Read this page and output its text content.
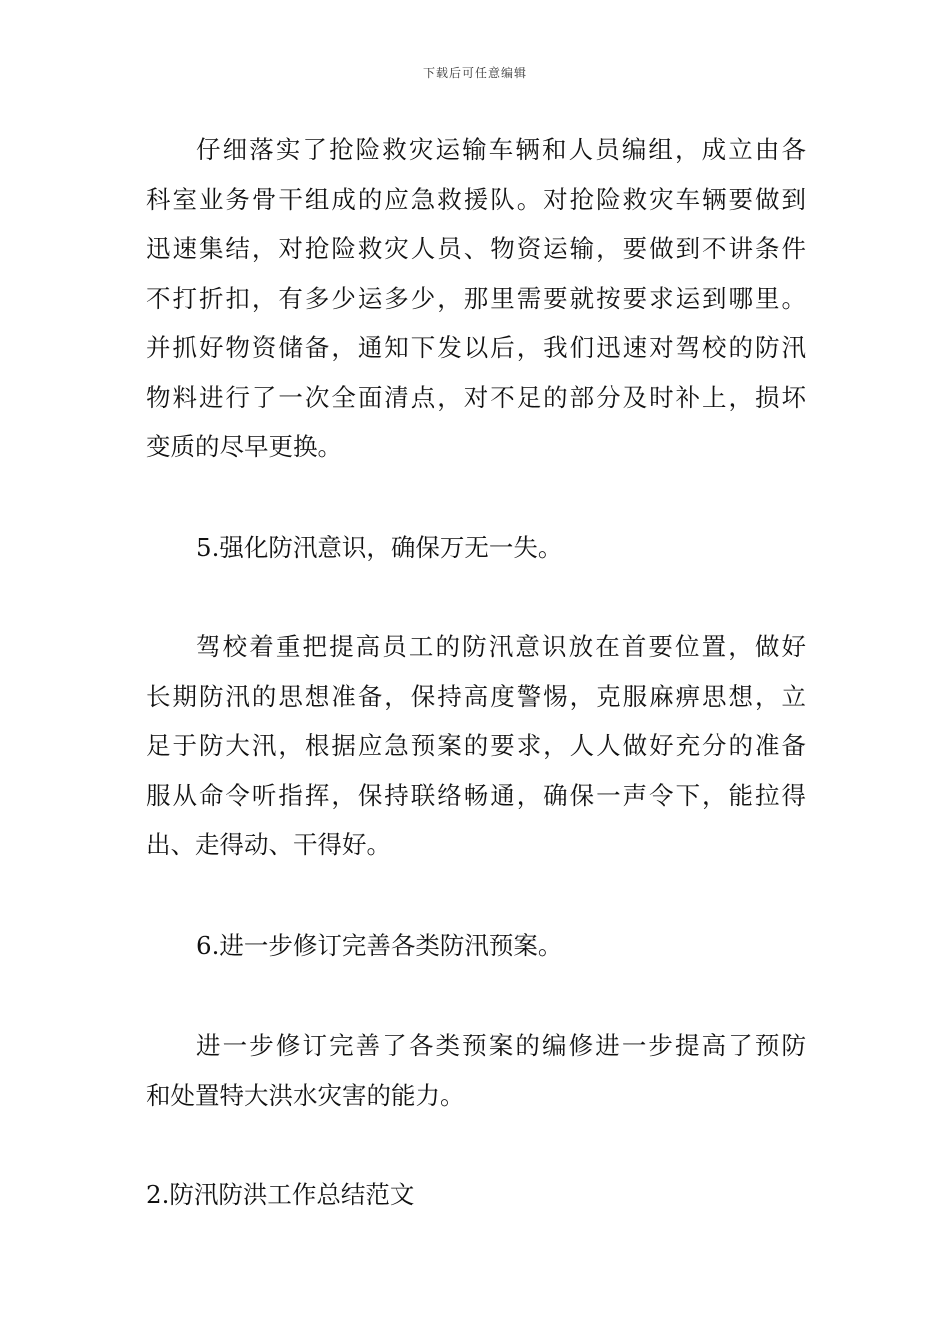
下载后可任意编辑
仔细落实了抢险救灾运输车辆和人员编组，成立由各
科室业务骨干组成的应急救援队。对抢险救灾车辆要做到
迅速集结，对抢险救灾人员、物资运输，要做到不讲条件
不打折扣，有多少运多少，那里需要就按要求运到哪里。
并抓好物资储备，通知下发以后，我们迅速对驾校的防汛
物料进行了一次全面清点，对不足的部分及时补上，损坏
变质的尽早更换。
5.强化防汛意识，确保万无一失。
驾校着重把提高员工的防汛意识放在首要位置，做好
长期防汛的思想准备，保持高度警惕，克服麻痹思想，立
足于防大汛，根据应急预案的要求，人人做好充分的准备
服从命令听指挥，保持联络畅通，确保一声令下，能拉得
出、走得动、干得好。
6.进一步修订完善各类防汛预案。
进一步修订完善了各类预案的编修进一步提高了预防
和处置特大洪水灾害的能力。
2.防汛防洪工作总结范文
